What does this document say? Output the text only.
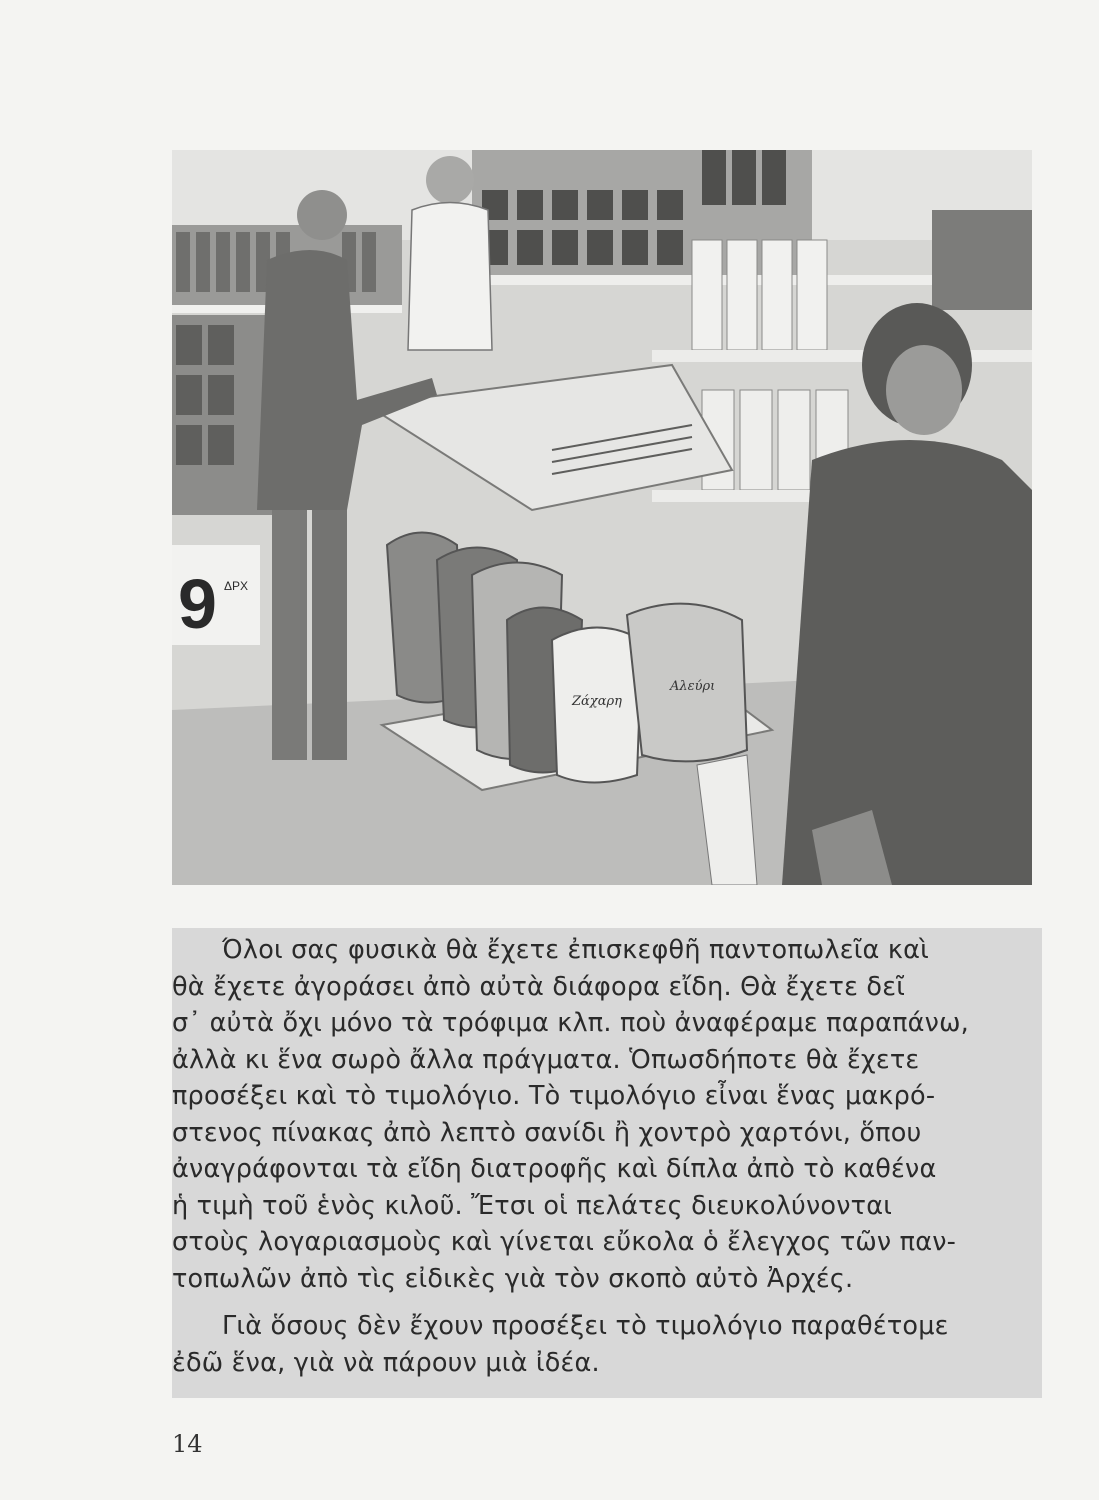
9 ΔΡΧ
Ζάχαρη
Αλεύρι

Όλοι σας φυσικὰ θὰ ἔχετε ἐπισκεφθῆ παντοπωλεῖα καὶ
θὰ ἔχετε ἀγοράσει ἀπὸ αὐτὰ διάφορα εἴδη. Θὰ ἔχετε δεῖ
σ᾽ αὐτὰ ὄχι μόνο τὰ τρόφιμα κλπ. ποὺ ἀναφέραμε παραπάνω,
ἀλλὰ κι ἕνα σωρὸ ἄλλα πράγματα. Ὁπωσδήποτε θὰ ἔχετε
προσέξει καὶ τὸ τιμολόγιο. Τὸ τιμολόγιο εἶναι ἕνας μακρό-
στενος πίνακας ἀπὸ λεπτὸ σανίδι ἢ χοντρὸ χαρτόνι, ὅπου
ἀναγράφονται τὰ εἴδη διατροφῆς καὶ δίπλα ἀπὸ τὸ καθένα
ἡ τιμὴ τοῦ ἑνὸς κιλοῦ. Ἔτσι οἱ πελάτες διευκολύνονται
στοὺς λογαριασμοὺς καὶ γίνεται εὔκολα ὁ ἔλεγχος τῶν παν-
τοπωλῶν ἀπὸ τὶς εἰδικὲς γιὰ τὸν σκοπὸ αὐτὸ Ἀρχές.

Γιὰ ὅσους δὲν ἔχουν προσέξει τὸ τιμολόγιο παραθέτομε
ἐδῶ ἕνα, γιὰ νὰ πάρουν μιὰ ἰδέα.

14
